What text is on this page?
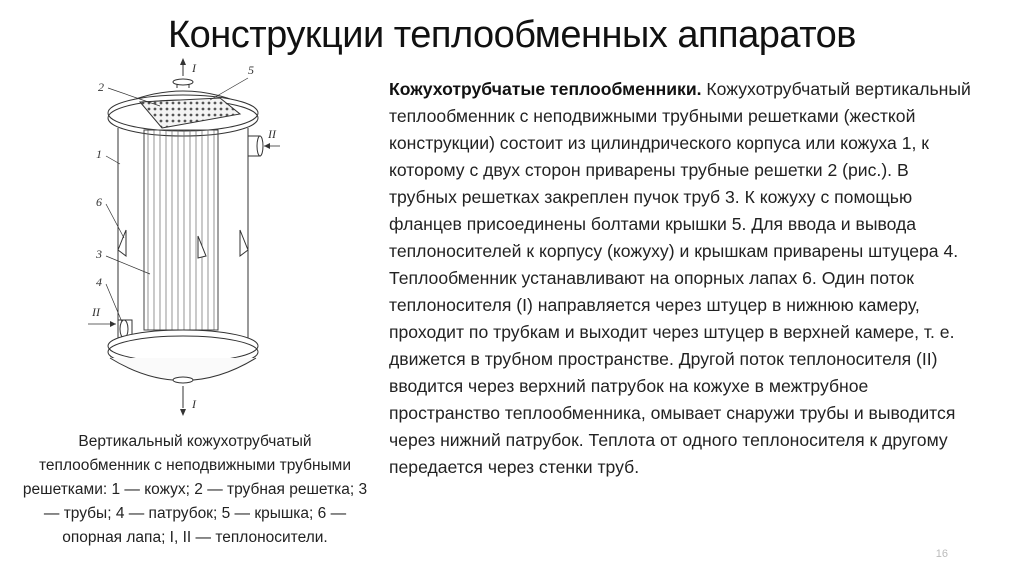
Конструкции теплообменных аппаратов
2
5
1
6
3
4
I
I
II
II
Вертикальный кожухотрубчатый теплообменник с неподвижными трубными решетками: 1 — кожух; 2 — трубная решетка; 3 — трубы; 4 — патрубок; 5 — крышка; 6 — опорная лапа; I, II — теплоносители.
Кожухотрубчатые теплообменники. Кожухотрубчатый вертикальный теплообменник с неподвижными трубными решетками (жесткой конструкции) состоит из цилиндрического корпуса или кожуха 1, к которому с двух сторон приварены трубные решетки 2 (рис.). В трубных решетках закреплен пучок труб 3. К кожуху с помощью фланцев присоединены болтами крышки 5. Для ввода и вывода теплоносителей к корпусу (кожуху) и крышкам приварены штуцера 4. Теплообменник устанавливают на опорных лапах 6. Один поток теплоносителя (I) направляется через штуцер в нижнюю камеру, проходит по трубкам и выходит через штуцер в верхней камере, т. е. движется в трубном пространстве. Другой поток теплоносителя (II) вводится через верхний патрубок на кожухе в межтрубное пространство теплообменника, омывает снаружи трубы и выводится через нижний патрубок. Теплота от одного теплоносителя к другому передается через стенки труб.
16
